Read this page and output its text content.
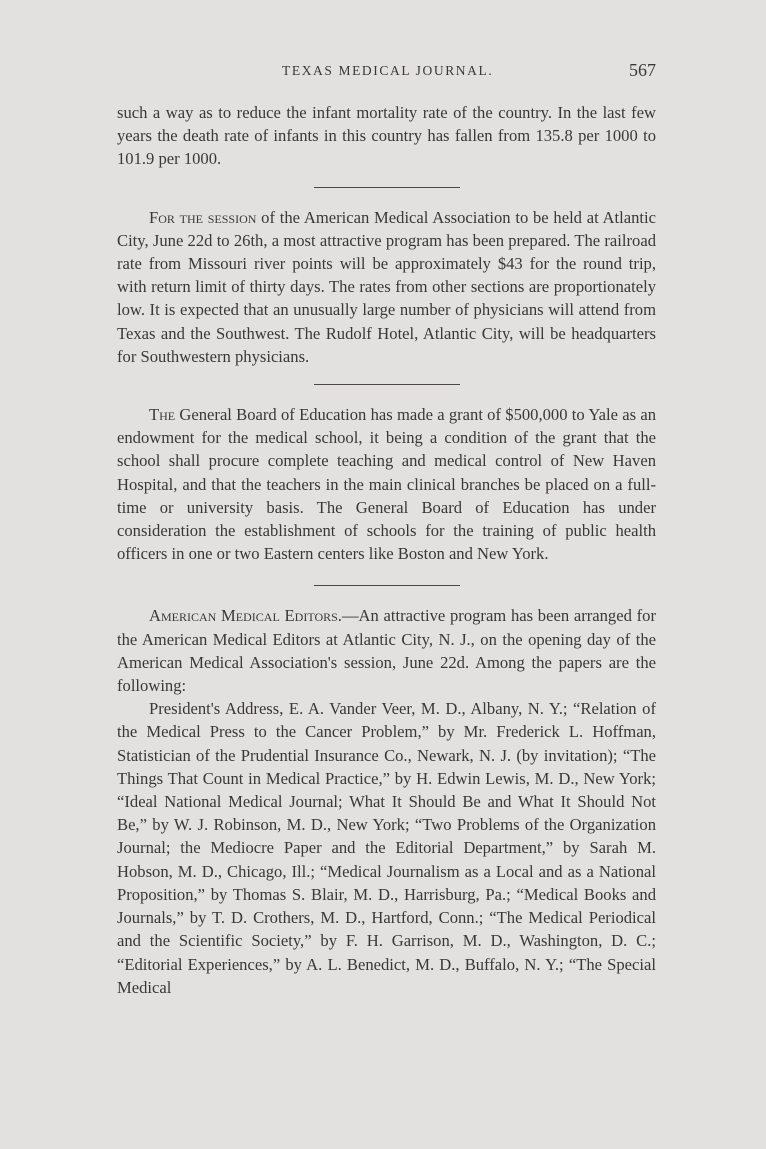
TEXAS MEDICAL JOURNAL.	567

such a way as to reduce the infant mortality rate of the country. In the last few years the death rate of infants in this country has fallen from 135.8 per 1000 to 101.9 per 1000.

For the session of the American Medical Association to be held at Atlantic City, June 22d to 26th, a most attractive program has been prepared. The railroad rate from Missouri river points will be approximately $43 for the round trip, with return limit of thirty days. The rates from other sections are proportionately low. It is expected that an unusually large number of physicians will attend from Texas and the Southwest. The Rudolf Hotel, Atlantic City, will be headquarters for Southwestern physicians.

The General Board of Education has made a grant of $500,000 to Yale as an endowment for the medical school, it being a condition of the grant that the school shall procure complete teaching and medical control of New Haven Hospital, and that the teachers in the main clinical branches be placed on a full-time or university basis. The General Board of Education has under consideration the establishment of schools for the training of public health officers in one or two Eastern centers like Boston and New York.

American Medical Editors.—An attractive program has been arranged for the American Medical Editors at Atlantic City, N. J., on the opening day of the American Medical Association's session, June 22d. Among the papers are the following:

President's Address, E. A. Vander Veer, M. D., Albany, N. Y.; “Relation of the Medical Press to the Cancer Problem,” by Mr. Frederick L. Hoffman, Statistician of the Prudential Insurance Co., Newark, N. J. (by invitation); “The Things That Count in Medical Practice,” by H. Edwin Lewis, M. D., New York; “Ideal National Medical Journal; What It Should Be and What It Should Not Be,” by W. J. Robinson, M. D., New York; “Two Problems of the Organization Journal; the Mediocre Paper and the Editorial Department,” by Sarah M. Hobson, M. D., Chicago, Ill.; “Medical Journalism as a Local and as a National Proposition,” by Thomas S. Blair, M. D., Harrisburg, Pa.; “Medical Books and Journals,” by T. D. Crothers, M. D., Hartford, Conn.; “The Medical Periodical and the Scientific Society,” by F. H. Garrison, M. D., Washington, D. C.; “Editorial Experiences,” by A. L. Benedict, M. D., Buffalo, N. Y.; “The Special Medical
